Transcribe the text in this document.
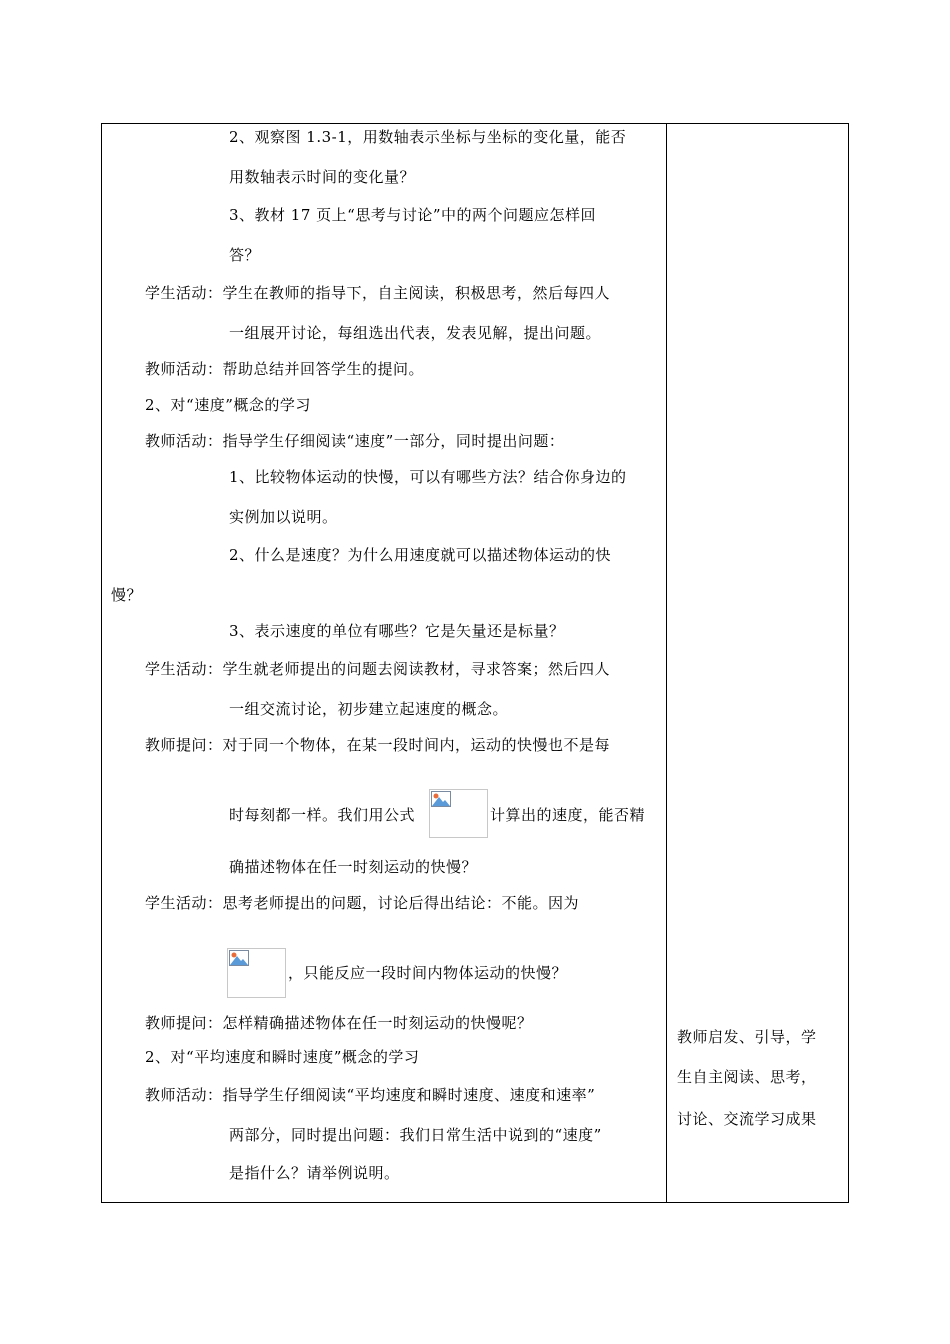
2、观察图 1.3-1，用数轴表示坐标与坐标的变化量，能否
用数轴表示时间的变化量？
3、教材 17 页上“思考与讨论”中的两个问题应怎样回
答？
学生活动：学生在教师的指导下，自主阅读，积极思考，然后每四人
一组展开讨论，每组选出代表，发表见解，提出问题。
教师活动：帮助总结并回答学生的提问。
2、对“速度”概念的学习
教师活动：指导学生仔细阅读“速度”一部分，同时提出问题：
1、比较物体运动的快慢，可以有哪些方法？结合你身边的
实例加以说明。
2、什么是速度？为什么用速度就可以描述物体运动的快
慢？
3、表示速度的单位有哪些？它是矢量还是标量？
学生活动：学生就老师提出的问题去阅读教材，寻求答案；然后四人
一组交流讨论，初步建立起速度的概念。
教师提问：对于同一个物体，在某一段时间内，运动的快慢也不是每
时每刻都一样。我们用公式	计算出的速度，能否精
确描述物体在任一时刻运动的快慢？
学生活动：思考老师提出的问题，讨论后得出结论：不能。因为
，只能反应一段时间内物体运动的快慢？
教师提问：怎样精确描述物体在任一时刻运动的快慢呢？
2、对“平均速度和瞬时速度”概念的学习
教师活动：指导学生仔细阅读“平均速度和瞬时速度、速度和速率”
两部分，同时提出问题：我们日常生活中说到的“速度”
是指什么？请举例说明。
教师启发、引导，学
生自主阅读、思考，
讨论、交流学习成果
